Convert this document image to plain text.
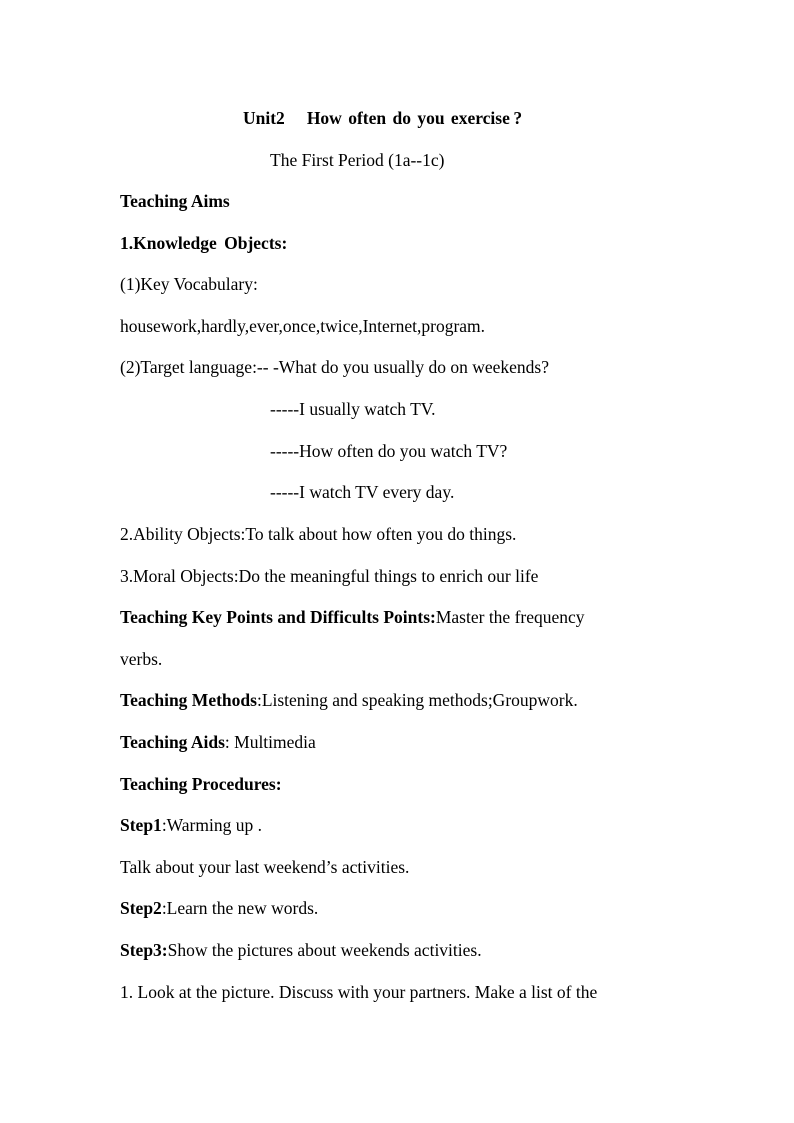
Unit2 How often do you exercise ?
The First Period (1a--1c)
Teaching Aims
1.Knowledge Objects:
(1)Key Vocabulary:
housework,hardly,ever,once,twice,Internet,program.
(2)Target language:-- -What do you usually do on weekends?
-----I usually watch TV.
-----How often do you watch TV?
-----I watch TV every day.
2.Ability Objects:To talk about how often you do things.
3.Moral Objects:Do the meaningful things to enrich our life
Teaching Key Points and Difficults Points:Master the frequency
verbs.
Teaching Methods:Listening and speaking methods;Groupwork.
Teaching Aids: Multimedia
Teaching Procedures:
Step1:Warming up .
Talk about your last weekend’s activities.
Step2:Learn the new words.
Step3:Show the pictures about weekends activities.
1. Look at the picture. Discuss with your partners. Make a list of the
